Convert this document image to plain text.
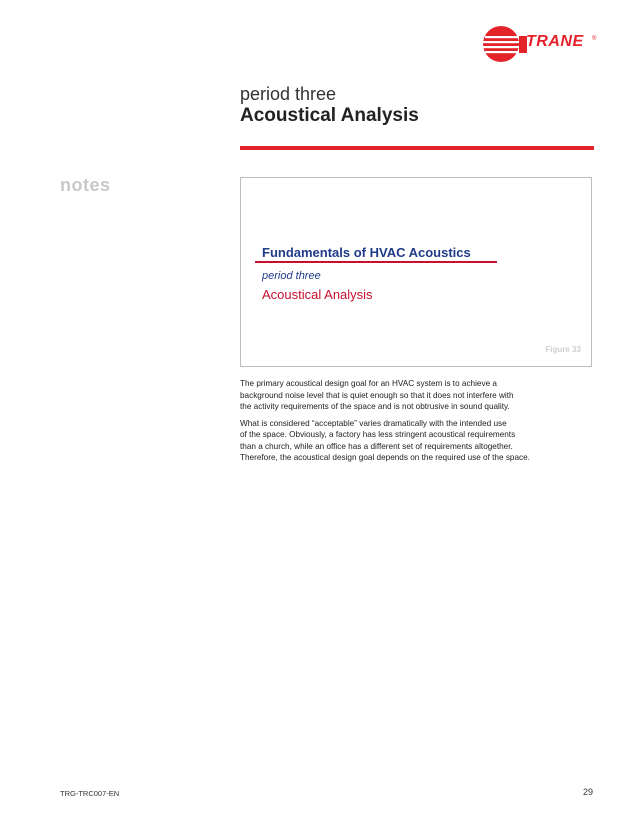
TRANE ®
period three
Acoustical Analysis
notes
Fundamentals of HVAC Acoustics
period three
Acoustical Analysis
Figure 33

The primary acoustical design goal for an HVAC system is to achieve a
background noise level that is quiet enough so that it does not interfere with
the activity requirements of the space and is not obtrusive in sound quality.

What is considered “acceptable” varies dramatically with the intended use
of the space. Obviously, a factory has less stringent acoustical requirements
than a church, while an office has a different set of requirements altogether.
Therefore, the acoustical design goal depends on the required use of the space.

TRG-TRC007-EN	29
